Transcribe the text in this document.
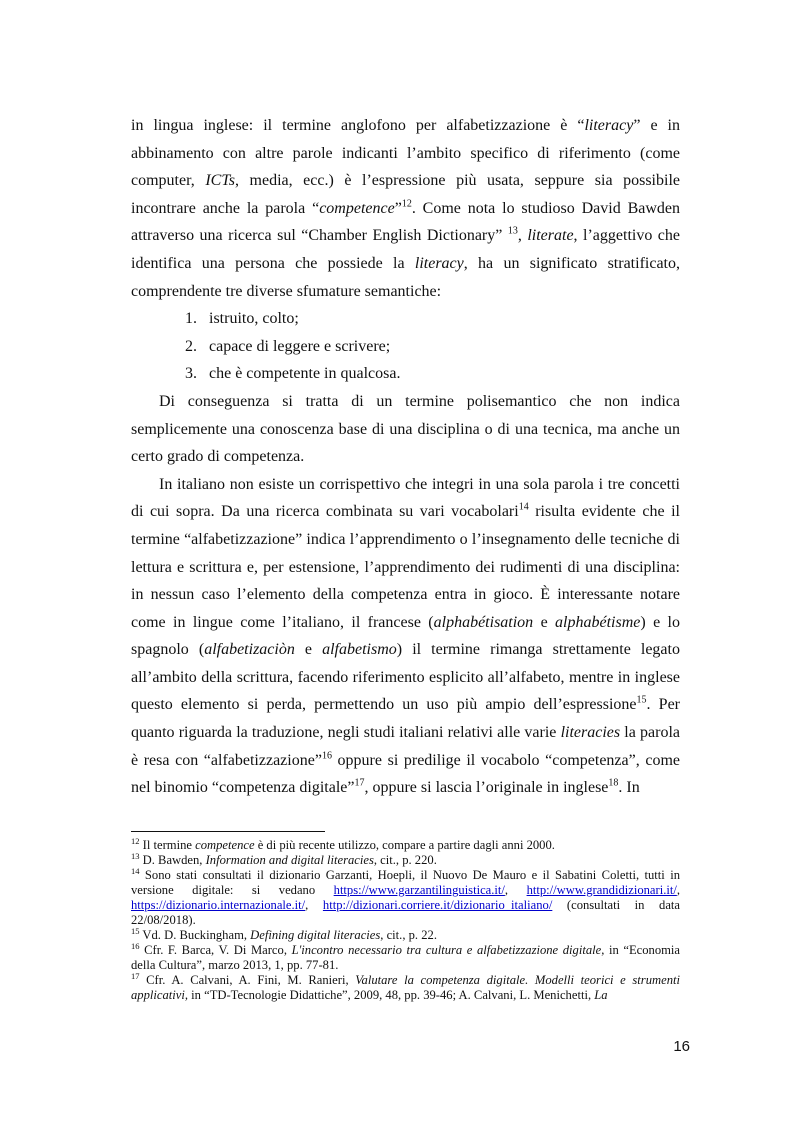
in lingua inglese: il termine anglofono per alfabetizzazione è “literacy” e in abbinamento con altre parole indicanti l’ambito specifico di riferimento (come computer, ICTs, media, ecc.) è l’espressione più usata, seppure sia possibile incontrare anche la parola “competence”$^{12}$. Come nota lo studioso David Bawden attraverso una ricerca sul “Chamber English Dictionary” $^{13}$, literate, l’aggettivo che identifica una persona che possiede la literacy, ha un significato stratificato, comprendente tre diverse sfumature semantiche:

1. istruito, colto;
2. capace di leggere e scrivere;
3. che è competente in qualcosa.

Di conseguenza si tratta di un termine polisemantico che non indica semplicemente una conoscenza base di una disciplina o di una tecnica, ma anche un certo grado di competenza.

In italiano non esiste un corrispettivo che integri in una sola parola i tre concetti di cui sopra. Da una ricerca combinata su vari vocabolari$^{14}$ risulta evidente che il termine “alfabetizzazione” indica l’apprendimento o l’insegnamento delle tecniche di lettura e scrittura e, per estensione, l’apprendimento dei rudimenti di una disciplina: in nessun caso l’elemento della competenza entra in gioco. È interessante notare come in lingue come l’italiano, il francese (alphabétisation e alphabétisme) e lo spagnolo (alfabetizaciòn e alfabetismo) il termine rimanga strettamente legato all’ambito della scrittura, facendo riferimento esplicito all’alfabeto, mentre in inglese questo elemento si perda, permettendo un uso più ampio dell’espressione$^{15}$. Per quanto riguarda la traduzione, negli studi italiani relativi alle varie literacies la parola è resa con “alfabetizzazione”$^{16}$ oppure si predilige il vocabolo “competenza”, come nel binomio “competenza digitale”$^{17}$, oppure si lascia l’originale in inglese$^{18}$. In

$^{12}$ Il termine competence è di più recente utilizzo, compare a partire dagli anni 2000.

$^{13}$ D. Bawden, Information and digital literacies, cit., p. 220.

$^{14}$ Sono stati consultati il dizionario Garzanti, Hoepli, il Nuovo De Mauro e il Sabatini Coletti, tutti in versione digitale: si vedano https://www.garzantilinguistica.it/, http://www.grandidizionari.it/, https://dizionario.internazionale.it/, http://dizionari.corriere.it/dizionario_italiano/ (consultati in data 22/08/2018).

$^{15}$ Vd. D. Buckingham, Defining digital literacies, cit., p. 22.

$^{16}$ Cfr. F. Barca, V. Di Marco, L'incontro necessario tra cultura e alfabetizzazione digitale, in “Economia della Cultura”, marzo 2013, 1, pp. 77-81.

$^{17}$ Cfr. A. Calvani, A. Fini, M. Ranieri, Valutare la competenza digitale. Modelli teorici e strumenti applicativi, in “TD-Tecnologie Didattiche”, 2009, 48, pp. 39-46; A. Calvani, L. Menichetti, La

16
